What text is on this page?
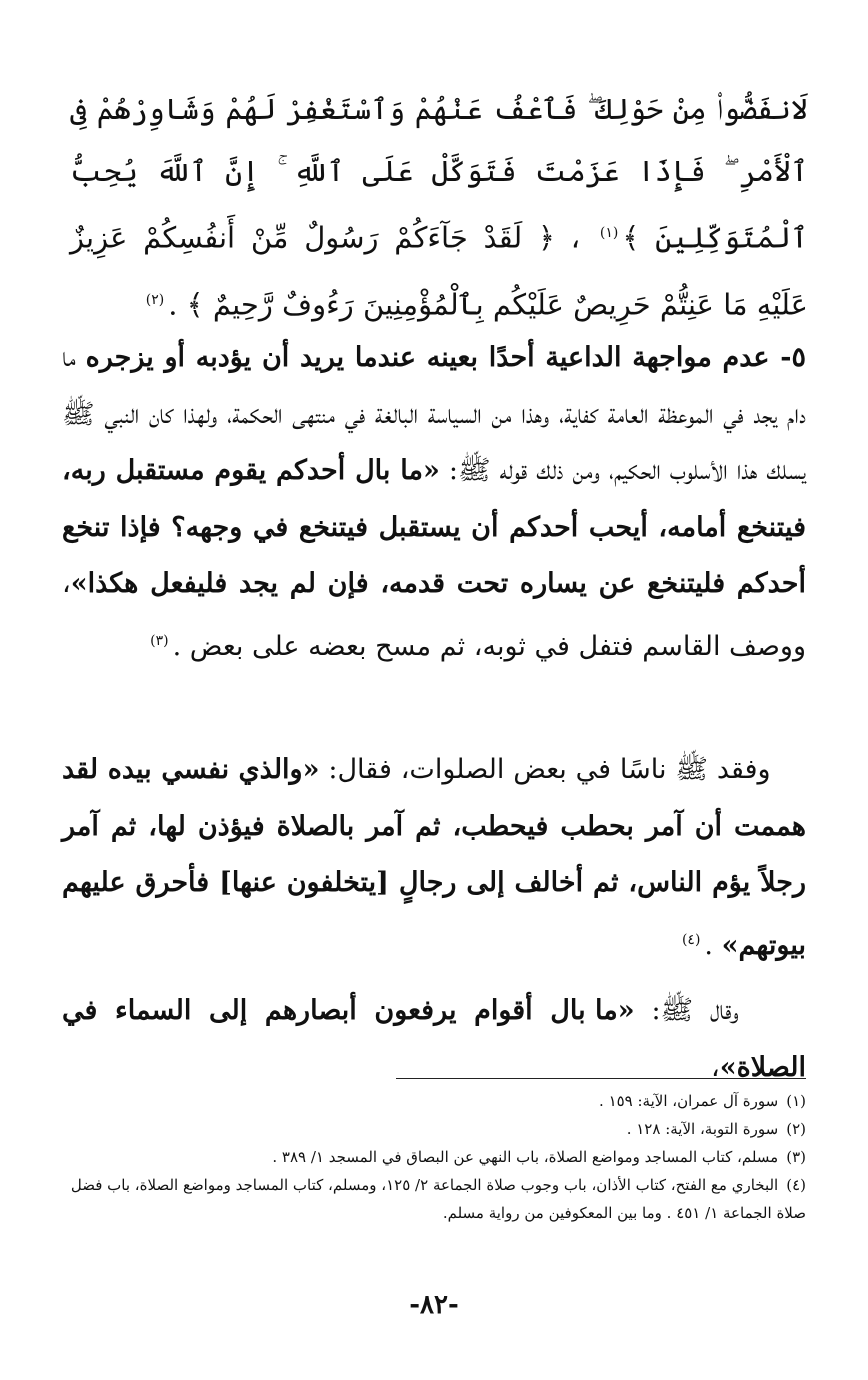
لَانفَضُّوا۟ مِنْ حَوْلِكَ ۖ فَٱعْفُ عَنْهُمْ وَٱسْتَغْفِرْ لَهُمْ وَشَاوِرْهُمْ فِى ٱلْأَمْرِ ۖ فَإِذَا عَزَمْتَ فَتَوَكَّلْ عَلَى ٱللَّهِ ۚ إِنَّ ٱللَّهَ يُحِبُّ ٱلْمُتَوَكِّلِينَ ﴾$^{(١)}$ ، ﴿ لَقَدْ جَآءَكُمْ رَسُولٌ مِّنْ أَنفُسِكُمْ عَزِيزٌ عَلَيْهِ مَا عَنِتُّمْ حَرِيصٌ عَلَيْكُم بِٱلْمُؤْمِنِينَ رَءُوفٌ رَّحِيمٌ ﴾ .$^{(٢)}$
٥- عدم مواجهة الداعية أحدًا بعينه عندما يريد أن يؤدبه أو يزجره ما دام يجد في الموعظة العامة كفاية، وهذا من السياسة البالغة في منتهى الحكمة، ولهذا كان النبي ﷺ يسلك هذا الأسلوب الحكيم، ومن ذلك قوله ﷺ: «ما بال أحدكم يقوم مستقبل ربه، فيتنخع أمامه، أيحب أحدكم أن يستقبل فيتنخع في وجهه؟ فإذا تنخع أحدكم فليتنخع عن يساره تحت قدمه، فإن لم يجد فليفعل هكذا»، ووصف القاسم فتفل في ثوبه، ثم مسح بعضه على بعض .$^{(٣)}$
وفقد ﷺ ناسًا في بعض الصلوات، فقال: «والذي نفسي بيده لقد هممت أن آمر بحطب فيحطب، ثم آمر بالصلاة فيؤذن لها، ثم آمر رجلاً يؤم الناس، ثم أخالف إلى رجالٍ [يتخلفون عنها] فأحرق عليهم بيوتهم» .$^{(٤)}$
وقال ﷺ: «ما بال أقوام يرفعون أبصارهم إلى السماء في الصلاة»،
(١)سورة آل عمران، الآية: ١٥٩ .
(٢)سورة التوبة، الآية: ١٢٨ .
(٣)مسلم، كتاب المساجد ومواضع الصلاة، باب النهي عن البصاق في المسجد ١/ ٣٨٩ .
(٤)البخاري مع الفتح، كتاب الأذان، باب وجوب صلاة الجماعة ٢/ ١٢٥، ومسلم، كتاب المساجد ومواضع الصلاة، باب فضل صلاة الجماعة ١/ ٤٥١ . وما بين المعكوفين من رواية مسلم.
-٨٢-
